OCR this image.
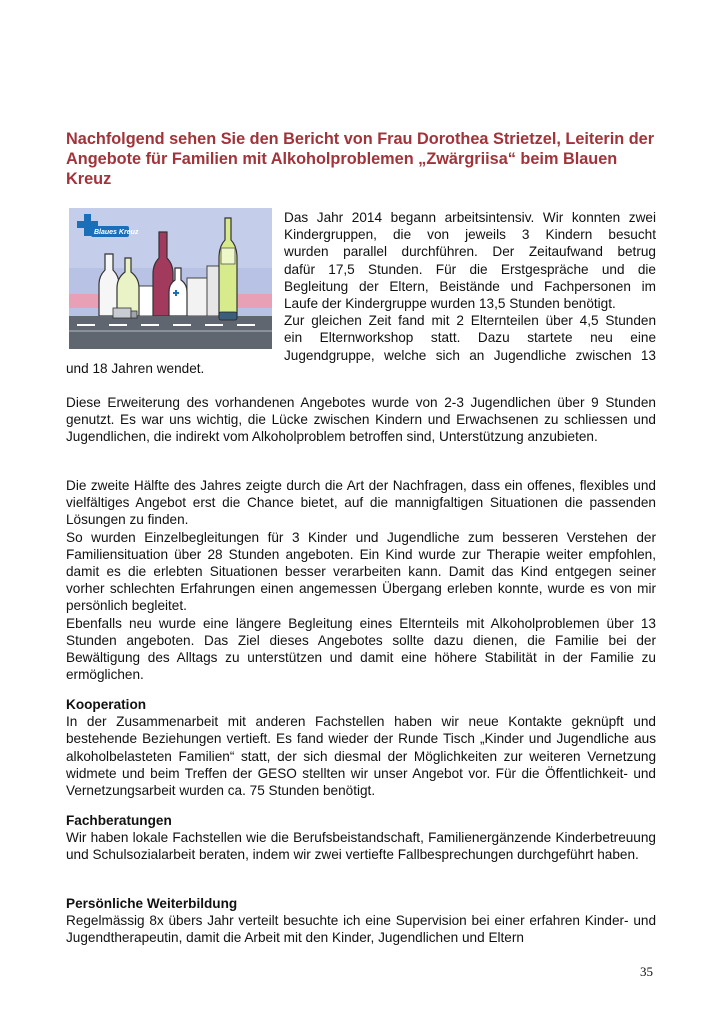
Nachfolgend sehen Sie den Bericht von Frau Dorothea Strietzel, Leiterin der Angebote für Familien mit Alkoholproblemen „Zwärgriisa“ beim Blauen Kreuz
Blaues Kreuz
Das Jahr 2014 begann arbeitsintensiv. Wir konnten zwei
Kindergruppen, die von jeweils 3 Kindern besucht
wurden parallel durchführen. Der Zeitaufwand betrug
dafür 17,5 Stunden. Für die Erstgespräche und die
Begleitung der Eltern, Beistände und Fachpersonen im
Laufe der Kindergruppe wurden 13,5 Stunden benötigt.
Zur gleichen Zeit fand mit 2 Elternteilen über 4,5 Stunden
ein Elternworkshop statt. Dazu startete neu eine
Jugendgruppe, welche sich an Jugendliche zwischen 13

und 18 Jahren wendet.

Diese Erweiterung des vorhandenen Angebotes wurde von 2-3 Jugendlichen über 9 Stunden genutzt. Es war uns wichtig, die Lücke zwischen Kindern und Erwachsenen zu schliessen und Jugendlichen, die indirekt vom Alkoholproblem betroffen sind, Unterstützung anzubieten.

Die zweite Hälfte des Jahres zeigte durch die Art der Nachfragen, dass ein offenes, flexibles und vielfältiges Angebot erst die Chance bietet, auf die mannigfaltigen Situationen die passenden Lösungen zu finden.

So wurden Einzelbegleitungen für 3 Kinder und Jugendliche zum besseren Verstehen der Familiensituation über 28 Stunden angeboten. Ein Kind wurde zur Therapie weiter empfohlen, damit es die erlebten Situationen besser verarbeiten kann. Damit das Kind entgegen seiner vorher schlechten Erfahrungen einen angemessen Übergang erleben konnte, wurde es von mir persönlich begleitet.

Ebenfalls neu wurde eine längere Begleitung eines Elternteils mit Alkoholproblemen über 13 Stunden angeboten. Das Ziel dieses Angebotes sollte dazu dienen, die Familie bei der Bewältigung des Alltags zu unterstützen und damit eine höhere Stabilität in der Familie zu ermöglichen.

Kooperation

In der Zusammenarbeit mit anderen Fachstellen haben wir neue Kontakte geknüpft und bestehende Beziehungen vertieft. Es fand wieder der Runde Tisch „Kinder und Jugendliche aus alkoholbelasteten Familien“ statt, der sich diesmal der Möglichkeiten zur weiteren Vernetzung widmete und beim Treffen der GESO stellten wir unser Angebot vor. Für die Öffentlichkeit- und Vernetzungsarbeit wurden ca. 75 Stunden benötigt.

Fachberatungen

Wir haben lokale Fachstellen wie die Berufsbeistandschaft, Familienergänzende Kinderbetreuung und Schulsozialarbeit beraten, indem wir zwei vertiefte Fallbesprechungen durchgeführt haben.

Persönliche Weiterbildung

Regelmässig 8x übers Jahr verteilt besuchte ich eine Supervision bei einer erfahren Kinder- und Jugendtherapeutin, damit die Arbeit mit den Kinder, Jugendlichen und Eltern

35
